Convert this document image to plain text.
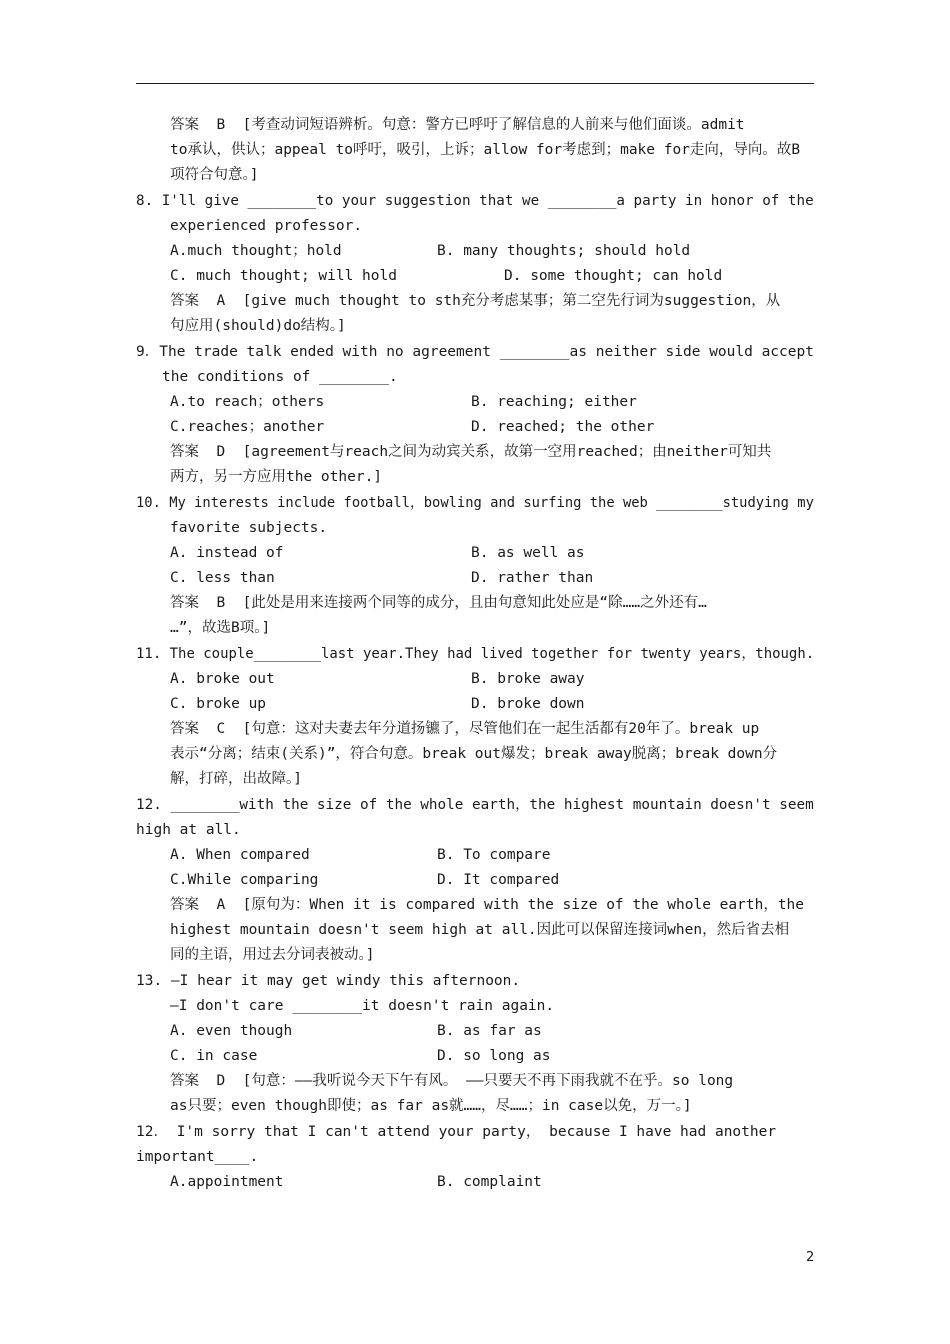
答案  B  [考查动词短语辨析。句意：警方已呼吁了解信息的人前来与他们面谈。admit
to承认，供认；appeal to呼吁，吸引，上诉；allow for考虑到；make for走向，导向。故B
项符合句意。]
8. I'll give ________to your suggestion that we ________a party in honor of the
experienced professor.
A.much thought；hold	B. many thoughts; should hold
C. much thought; will hold	D. some thought; can hold
答案  A  [give much thought to sth充分考虑某事；第二空先行词为suggestion，从
句应用(should)do结构。]
9．The trade talk ended with no agreement ________as neither side would accept
the conditions of ________.
A.to reach；others	B. reaching; either
C.reaches；another	D. reached; the other
答案  D  [agreement与reach之间为动宾关系，故第一空用reached；由neither可知共
两方，另一方应用the other.]
10. My interests include football，bowling and surfing the web ________studying my
favorite subjects.
A. instead of	B. as well as
C. less than	D. rather than
答案  B  [此处是用来连接两个同等的成分，且由句意知此处应是“除……之外还有…
…”，故选B项。]
11. The couple________last year.They had lived together for twenty years，though.
A. broke out	B. broke away
C. broke up	D. broke down
答案  C  [句意：这对夫妻去年分道扬镳了，尽管他们在一起生活都有20年了。break up
表示“分离；结束(关系)”，符合句意。break out爆发；break away脱离；break down分
解，打碎，出故障。]
12. ________with the size of the whole earth，the highest mountain doesn't seem
high at all.
A. When compared	B. To compare
C.While comparing	D. It compared
答案  A  [原句为：When it is compared with the size of the whole earth，the
highest mountain doesn't seem high at all.因此可以保留连接词when，然后省去相
同的主语，用过去分词表被动。]
13. —I hear it may get windy this afternoon.
—I don't care ________it doesn't rain again.
A. even though	B. as far as
C. in case	D. so long as
答案  D  [句意：——我听说今天下午有风。 ——只要天不再下雨我就不在乎。so long
as只要；even though即使；as far as就……，尽……；in case以免，万一。]
12． I'm sorry that I can't attend your party， because I have had another
important____.
A.appointment	B. complaint
2
